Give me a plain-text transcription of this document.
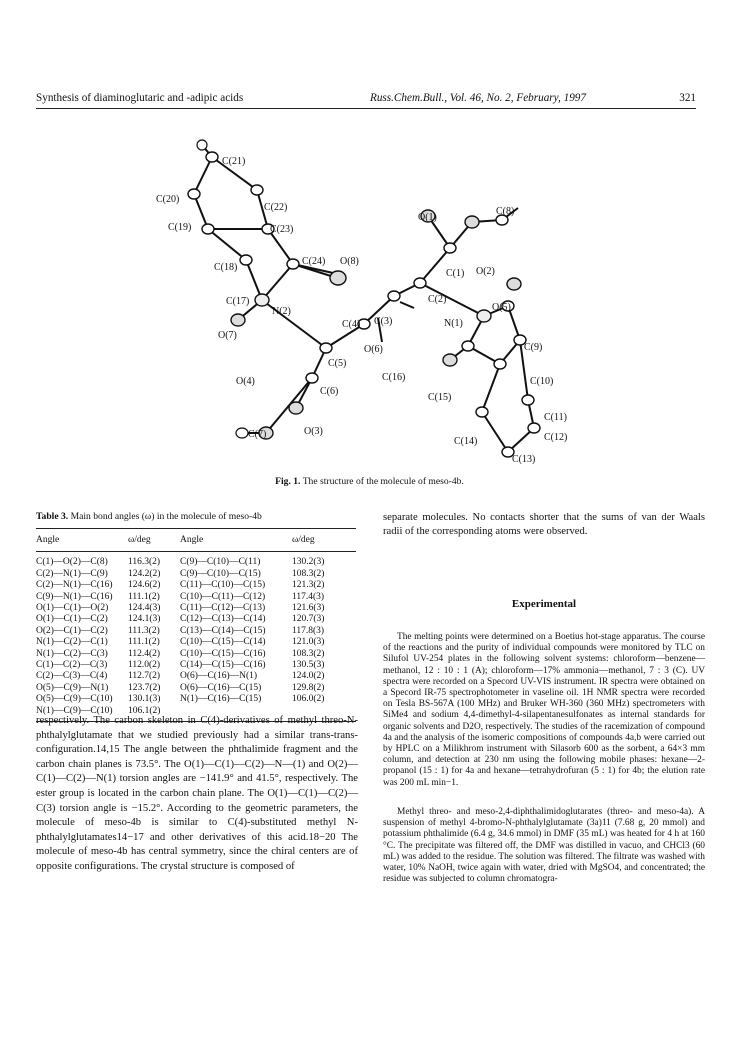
Synthesis of diaminoglutaric and -adipic acids	Russ.Chem.Bull., Vol. 46, No. 2, February, 1997	321
C(21)
C(20)
C(22)
C(19)	C(23)
C(18)
C(24) O(8)
C(17)
N(2)
O(7)
C(4) C(3)
C(5)
O(4)
C(6)
C(7)	O(3)
O(1)
C(8)
C(1) O(2)
C(2)
O(5)
N(1)
C(9)
O(6)
C(16)	C(10)
C(15)
C(11)
C(14)	C(12)
C(13)
Fig. 1. The structure of the molecule of meso-4b.
Table 3. Main bond angles (ω) in the molecule of meso-4b
Angle	ω/deg	Angle	ω/deg
C(1)—O(2)—C(8)	116.3(2)	C(9)—C(10)—C(11)	130.2(3)
C(2)—N(1)—C(9)	124.2(2)	C(9)—C(10)—C(15)	108.3(2)
C(2)—N(1)—C(16)	124.6(2)	C(11)—C(10)—C(15)	121.3(2)
C(9)—N(1)—C(16)	111.1(2)	C(10)—C(11)—C(12)	117.4(3)
O(1)—C(1)—O(2)	124.4(3)	C(11)—C(12)—C(13)	121.6(3)
O(1)—C(1)—C(2)	124.1(3)	C(12)—C(13)—C(14)	120.7(3)
O(2)—C(1)—C(2)	111.3(2)	C(13)—C(14)—C(15)	117.8(3)
N(1)—C(2)—C(1)	111.1(2)	C(10)—C(15)—C(14)	121.0(3)
N(1)—C(2)—C(3)	112.4(2)	C(10)—C(15)—C(16)	108.3(2)
C(1)—C(2)—C(3)	112.0(2)	C(14)—C(15)—C(16)	130.5(3)
C(2)—C(3)—C(4)	112.7(2)	O(6)—C(16)—N(1)	124.0(2)
O(5)—C(9)—N(1)	123.7(2)	O(6)—C(16)—C(15)	129.8(2)
O(5)—C(9)—C(10)	130.1(3)	N(1)—C(16)—C(15)	106.0(2)
N(1)—C(9)—C(10)	106.1(2)		

respectively. The carbon skeleton in C(4)-derivatives of methyl threo-N-phthalylglutamate that we studied previously had a similar trans-trans-configuration.14,15 The angle between the phthalimide fragment and the carbon chain planes is 73.5°. The O(1)—C(1)—C(2)—N—(1) and O(2)—C(1)—C(2)—N(1) torsion angles are −141.9° and 41.5°, respectively. The ester group is located in the carbon chain plane. The O(1)—C(1)—C(2)—C(3) torsion angle is −15.2°. According to the geometric parameters, the molecule of meso-4b is similar to C(4)-substituted methyl N-phthalylglutamates14−17 and other derivatives of this acid.18−20 The molecule of meso-4b has central symmetry, since the chiral centers are of opposite configurations. The crystal structure is composed of

separate molecules. No contacts shorter that the sums of van der Waals radii of the corresponding atoms were observed.

Experimental

The melting points were determined on a Boetius hot-stage apparatus. The course of the reactions and the purity of individual compounds were monitored by TLC on Silufol UV-254 plates in the following solvent systems: chloroform—benzene—methanol, 12 : 10 : 1 (A); chloroform—17% ammonia—methanol, 7 : 3 (C). UV spectra were recorded on a Specord UV-VIS instrument. IR spectra were obtained on a Specord IR-75 spectrophotometer in vaseline oil. 1H NMR spectra were recorded on Tesla BS-567A (100 MHz) and Bruker WH-360 (360 MHz) spectrometers with SiMe4 and sodium 4,4-dimethyl-4-silapentanesulfonates as internal standards for organic solvents and D2O, respectively. The studies of the racemization of compound 4a and the analysis of the isomeric compositions of compounds 4a,b were carried out by HPLC on a Milikhrom instrument with Silasorb 600 as the sorbent, a 64×3 mm column, and detection at 230 nm using the following mobile phases: hexane—2-propanol (15 : 1) for 4a and hexane—tetrahydrofuran (5 : 1) for 4b; the elution rate was 200 mL min−1.

Methyl threo- and meso-2,4-diphthalimidoglutarates (threo- and meso-4a). A suspension of methyl 4-bromo-N-phthalylglutamate (3a)11 (7.68 g, 20 mmol) and potassium phthalimide (6.4 g, 34.6 mmol) in DMF (35 mL) was heated for 4 h at 160 °C. The precipitate was filtered off, the DMF was distilled in vacuo, and CHCl3 (60 mL) was added to the residue. The solution was filtered. The filtrate was washed with water, 10% NaOH, twice again with water, dried with MgSO4, and concentrated; the residue was subjected to column chromatogra-
